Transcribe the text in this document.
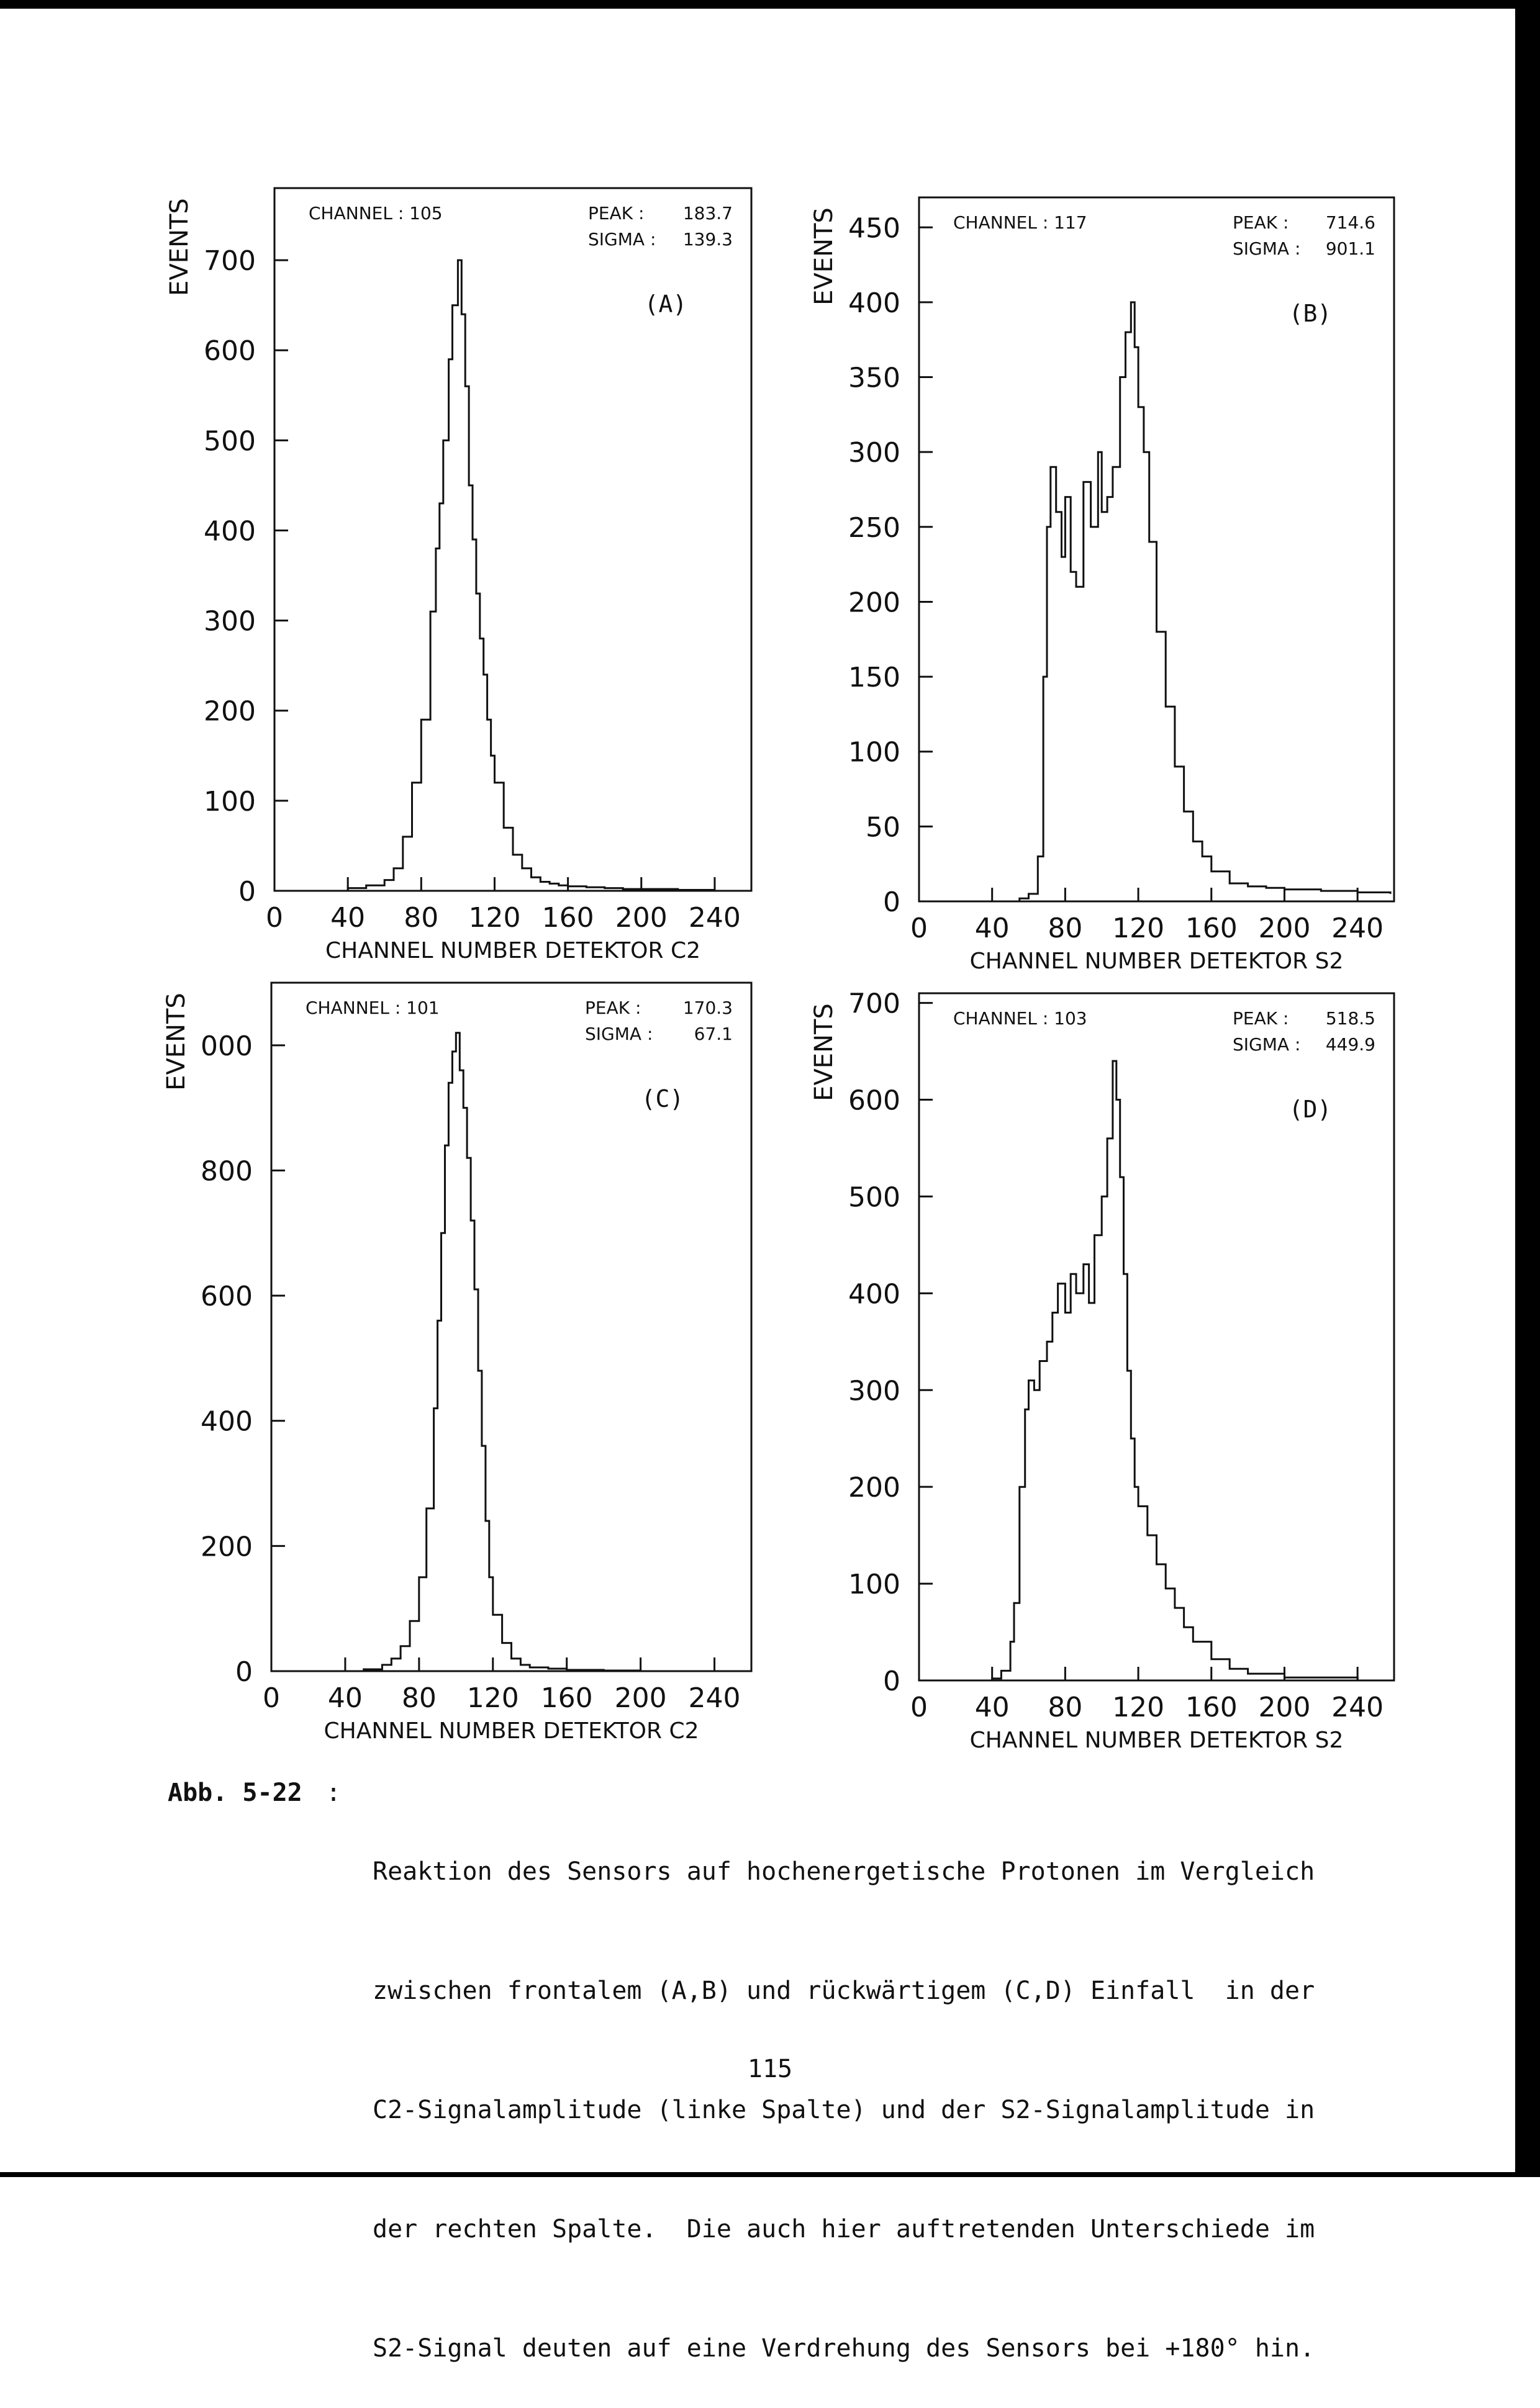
0
100
200
300
400
500
600
700
0 40 80 120 160 200 240
CHANNEL NUMBER DETEKTOR C2
EVENTS	CHANNEL : 105	PEAK : 183.7
SIGMA : 139.3
(A)
0
50
100
150
200
250
300
350
400
450
0 40 80 120 160 200 240
CHANNEL NUMBER DETEKTOR S2
EVENTS	CHANNEL : 117	PEAK : 714.6
SIGMA : 901.1
(B)
0
200
400
600
800
000
0 40 80 120 160 200 240
CHANNEL NUMBER DETEKTOR C2
EVENTS	CHANNEL : 101	PEAK : 170.3
SIGMA : 67.1
(C)
0
100
200
300
400
500
600
700
0 40 80 120 160 200 240
CHANNEL NUMBER DETEKTOR S2
EVENTS	CHANNEL : 103	PEAK : 518.5
SIGMA : 449.9
(D)
Abb. 5-22 :

Reaktion des Sensors auf hochenergetische Protonen im Vergleich

zwischen frontalem (A,B) und rückwärtigem (C,D) Einfall  in der

C2-Signalamplitude (linke Spalte) und der S2-Signalamplitude in

der rechten Spalte.  Die auch hier auftretenden Unterschiede im

S2-Signal deuten auf eine Verdrehung des Sensors bei +180° hin.

115
